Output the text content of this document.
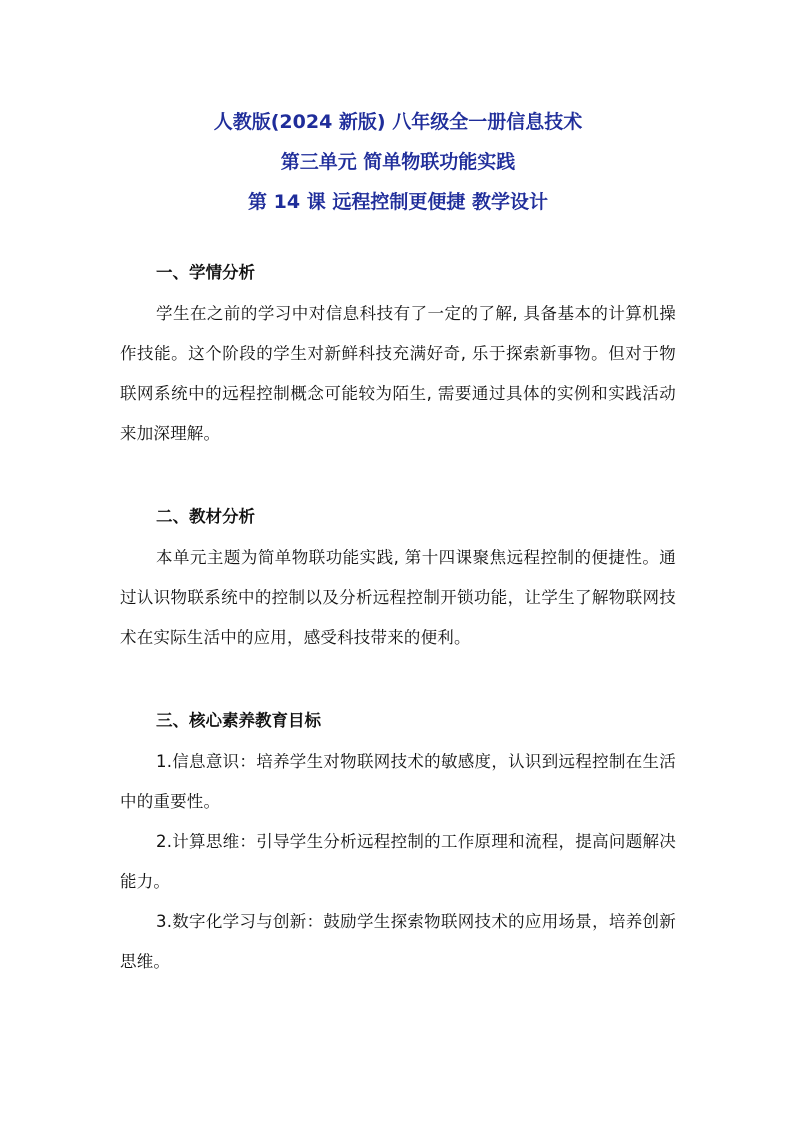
人教版(2024 新版) 八年级全一册信息技术
第三单元 简单物联功能实践
第 14 课 远程控制更便捷 教学设计
一、学情分析

学生在之前的学习中对信息科技有了一定的了解, 具备基本的计算机操作技能。这个阶段的学生对新鲜科技充满好奇, 乐于探索新事物。但对于物联网系统中的远程控制概念可能较为陌生, 需要通过具体的实例和实践活动来加深理解。

二、教材分析

本单元主题为简单物联功能实践, 第十四课聚焦远程控制的便捷性。通过认识物联系统中的控制以及分析远程控制开锁功能，让学生了解物联网技术在实际生活中的应用，感受科技带来的便利。

三、核心素养教育目标

1.信息意识：培养学生对物联网技术的敏感度，认识到远程控制在生活中的重要性。

2.计算思维：引导学生分析远程控制的工作原理和流程，提高问题解决能力。

3.数字化学习与创新：鼓励学生探索物联网技术的应用场景，培养创新思维。
